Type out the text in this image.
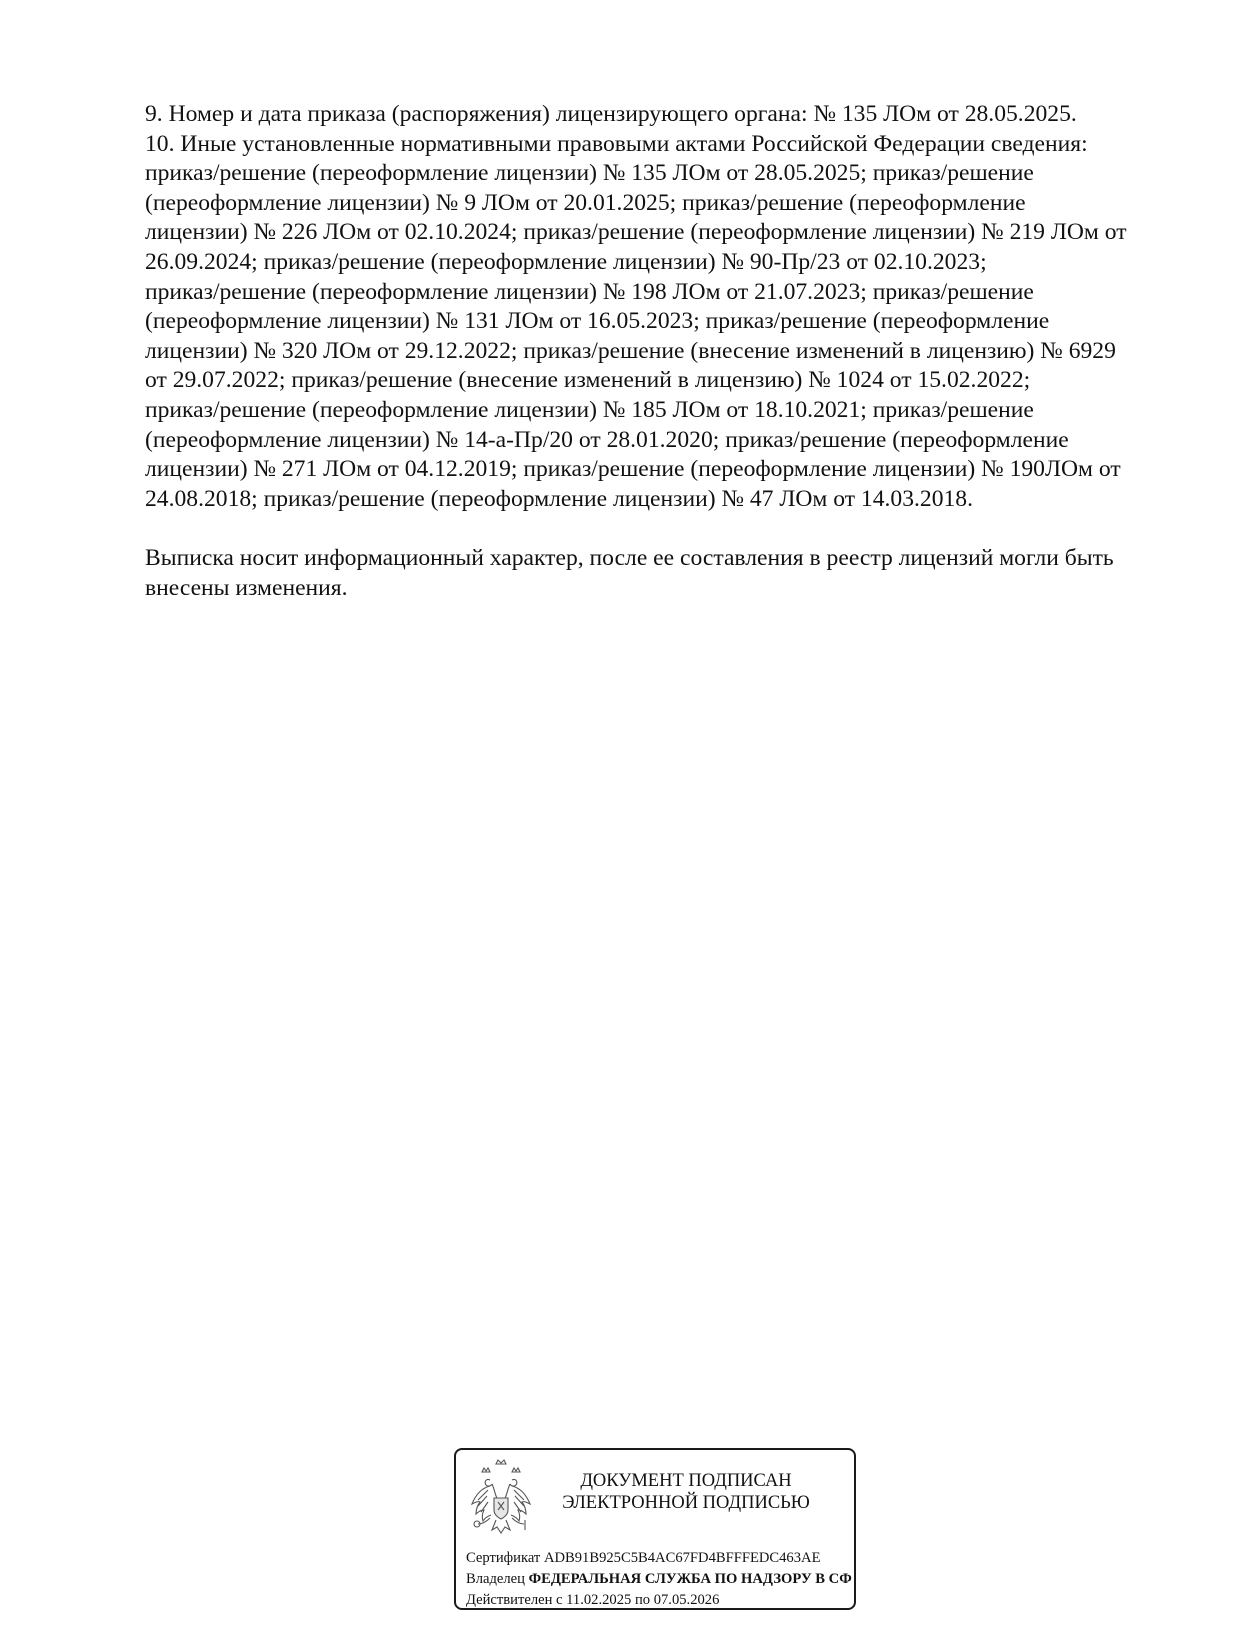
9. Номер и дата приказа (распоряжения) лицензирующего органа: № 135 ЛОм от 28.05.2025.

10. Иные установленные нормативными правовыми актами Российской Федерации сведения:

приказ/решение (переоформление лицензии) № 135 ЛОм от 28.05.2025; приказ/решение

(переоформление лицензии) № 9 ЛОм от 20.01.2025; приказ/решение (переоформление

лицензии) № 226 ЛОм от 02.10.2024; приказ/решение (переоформление лицензии) № 219 ЛОм от

26.09.2024; приказ/решение (переоформление лицензии) № 90-Пр/23 от 02.10.2023;

приказ/решение (переоформление лицензии) № 198 ЛОм от 21.07.2023; приказ/решение

(переоформление лицензии) № 131 ЛОм от 16.05.2023; приказ/решение (переоформление

лицензии) № 320 ЛОм от 29.12.2022; приказ/решение (внесение изменений в лицензию) № 6929

от 29.07.2022; приказ/решение (внесение изменений в лицензию) № 1024 от 15.02.2022;

приказ/решение (переоформление лицензии) № 185 ЛОм от 18.10.2021; приказ/решение

(переоформление лицензии) № 14-а-Пр/20 от 28.01.2020; приказ/решение (переоформление

лицензии) № 271 ЛОм от 04.12.2019; приказ/решение (переоформление лицензии) № 190ЛОм от

24.08.2018; приказ/решение (переоформление лицензии) № 47 ЛОм от 14.03.2018.

Выписка носит информационный характер, после ее составления в реестр лицензий могли быть

внесены изменения.

ДОКУМЕНТ ПОДПИСАН
ЭЛЕКТРОННОЙ ПОДПИСЬЮ
Сертификат ADB91B925C5B4AC67FD4BFFFEDC463AE
Владелец ФЕДЕРАЛЬНАЯ СЛУЖБА ПО НАДЗОРУ В СФ
Действителен с 11.02.2025 по 07.05.2026
